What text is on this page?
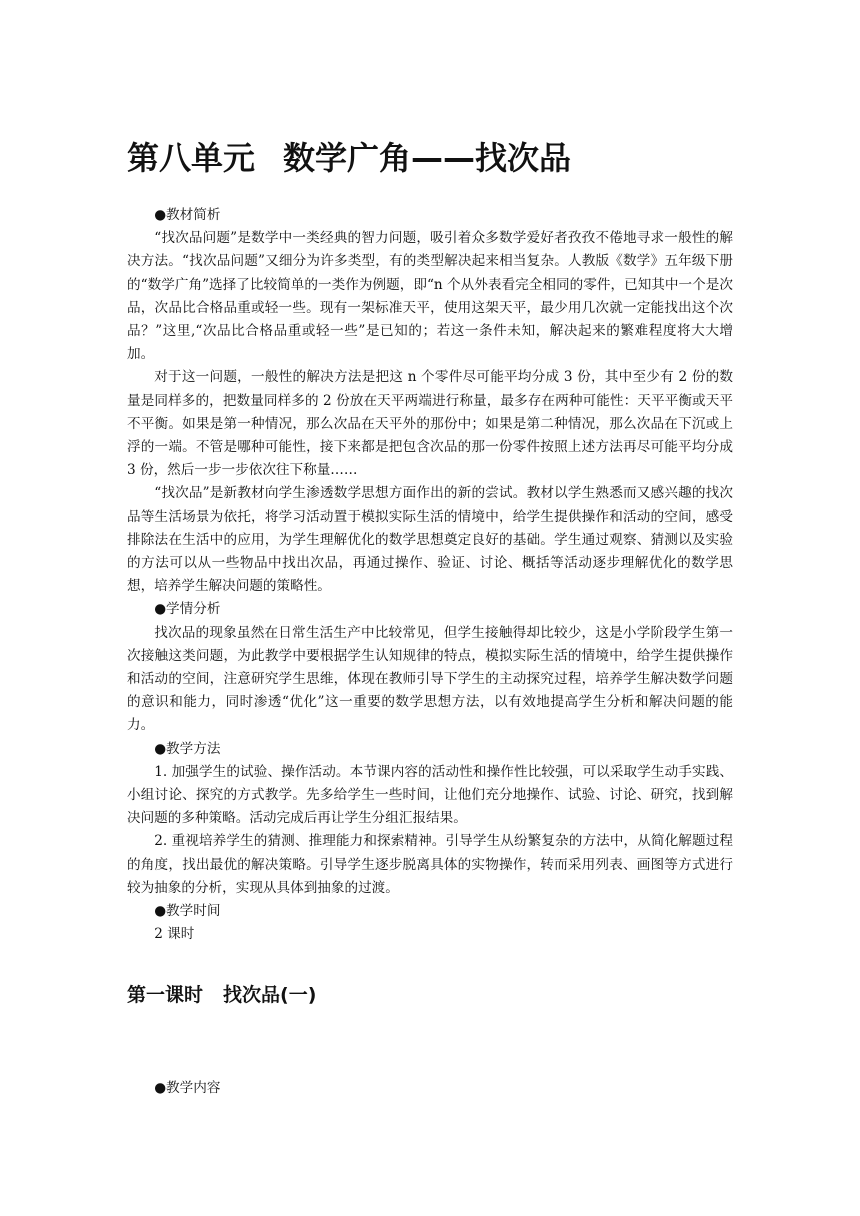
第八单元 数学广角——找次品

●教材简析

“找次品问题”是数学中一类经典的智力问题，吸引着众多数学爱好者孜孜不倦地寻求一般性的解决方法。“找次品问题”又细分为许多类型，有的类型解决起来相当复杂。人教版《数学》五年级下册的“数学广角”选择了比较简单的一类作为例题，即“n 个从外表看完全相同的零件，已知其中一个是次品，次品比合格品重或轻一些。现有一架标准天平，使用这架天平，最少用几次就一定能找出这个次品？”这里,“次品比合格品重或轻一些”是已知的；若这一条件未知，解决起来的繁难程度将大大增加。

对于这一问题，一般性的解决方法是把这 n 个零件尽可能平均分成 3 份，其中至少有 2 份的数量是同样多的，把数量同样多的 2 份放在天平两端进行称量，最多存在两种可能性：天平平衡或天平不平衡。如果是第一种情况，那么次品在天平外的那份中；如果是第二种情况，那么次品在下沉或上浮的一端。不管是哪种可能性，接下来都是把包含次品的那一份零件按照上述方法再尽可能平均分成 3 份，然后一步一步依次往下称量……

“找次品”是新教材向学生渗透数学思想方面作出的新的尝试。教材以学生熟悉而又感兴趣的找次品等生活场景为依托，将学习活动置于模拟实际生活的情境中，给学生提供操作和活动的空间，感受排除法在生活中的应用，为学生理解优化的数学思想奠定良好的基础。学生通过观察、猜测以及实验的方法可以从一些物品中找出次品，再通过操作、验证、讨论、概括等活动逐步理解优化的数学思想，培养学生解决问题的策略性。

●学情分析

找次品的现象虽然在日常生活生产中比较常见，但学生接触得却比较少，这是小学阶段学生第一次接触这类问题，为此教学中要根据学生认知规律的特点，模拟实际生活的情境中，给学生提供操作和活动的空间，注意研究学生思维，体现在教师引导下学生的主动探究过程，培养学生解决数学问题的意识和能力，同时渗透“优化”这一重要的数学思想方法，以有效地提高学生分析和解决问题的能力。

●教学方法

1. 加强学生的试验、操作活动。本节课内容的活动性和操作性比较强，可以采取学生动手实践、小组讨论、探究的方式教学。先多给学生一些时间，让他们充分地操作、试验、讨论、研究，找到解决问题的多种策略。活动完成后再让学生分组汇报结果。

2. 重视培养学生的猜测、推理能力和探索精神。引导学生从纷繁复杂的方法中，从简化解题过程的角度，找出最优的解决策略。引导学生逐步脱离具体的实物操作，转而采用列表、画图等方式进行较为抽象的分析，实现从具体到抽象的过渡。

●教学时间

2 课时

第一课时 找次品(一)

●教学内容
